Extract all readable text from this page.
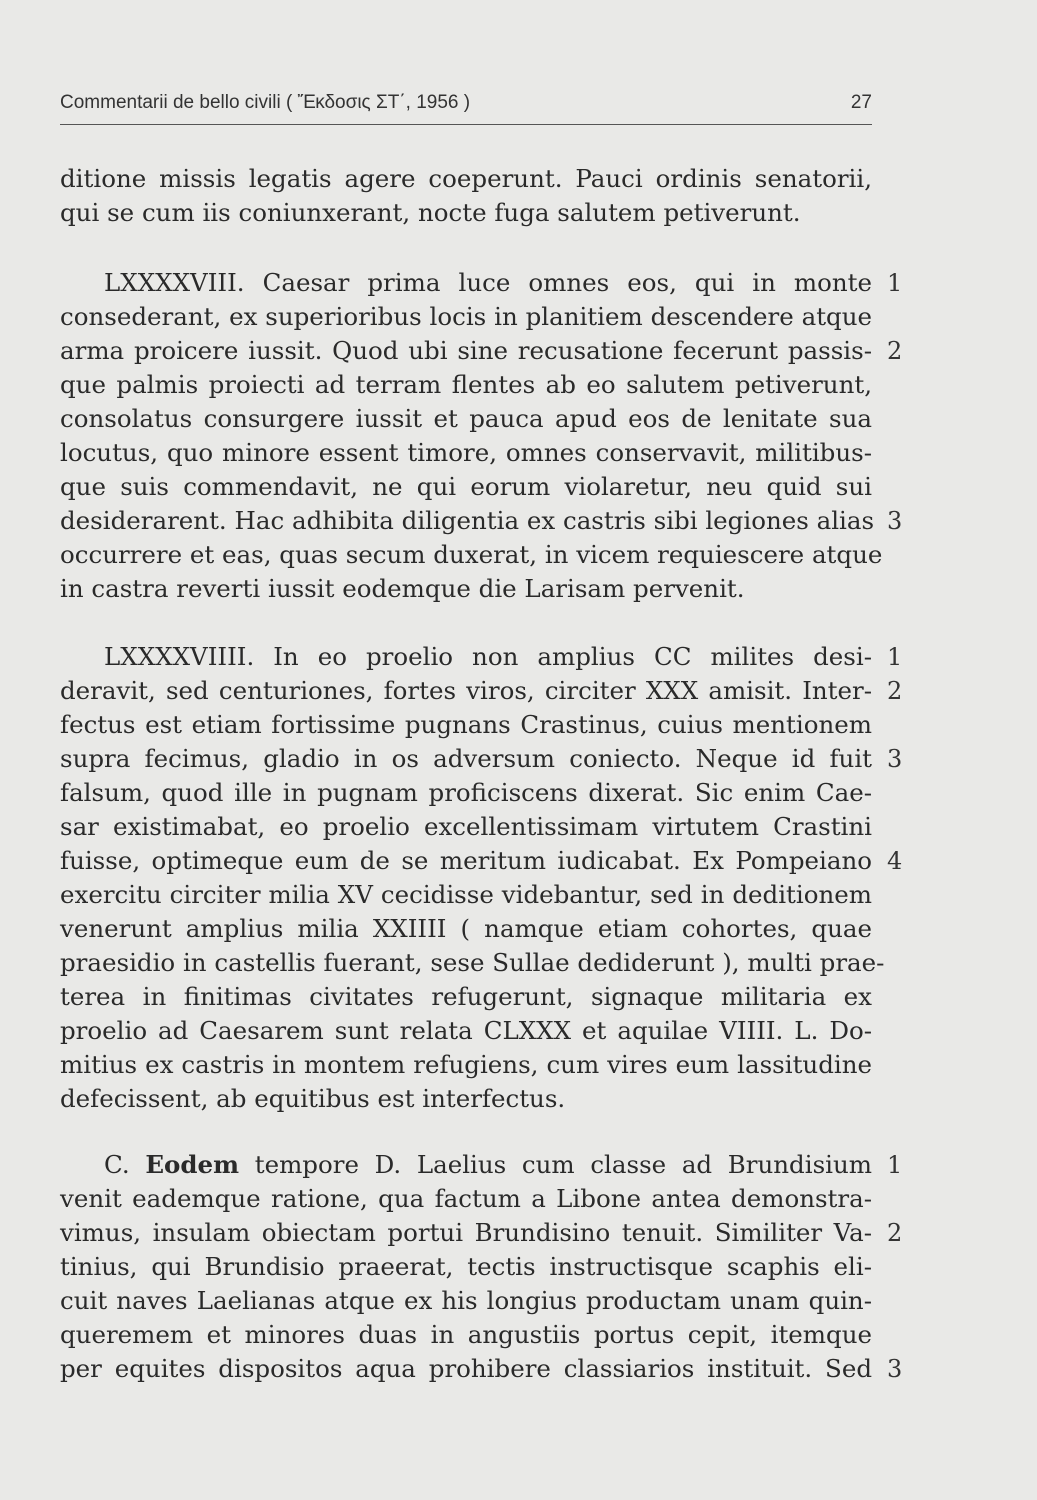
Commentarii de bello civili ( Ἔκδοσις ΣΤ΄, 1956 )	27
ditione missis legatis agere coeperunt. Pauci ordinis senatorii,
qui se cum iis coniunxerant, nocte fuga salutem petiverunt.
LXXXXVIII. Caesar prima luce omnes eos, qui in monte
consederant, ex superioribus locis in planitiem descendere atque
arma proicere iussit. Quod ubi sine recusatione fecerunt passis-
que palmis proiecti ad terram flentes ab eo salutem petiverunt,
consolatus consurgere iussit et pauca apud eos de lenitate sua
locutus, quo minore essent timore, omnes conservavit, militibus-
que suis commendavit, ne qui eorum violaretur, neu quid sui
desiderarent. Hac adhibita diligentia ex castris sibi legiones alias
occurrere et eas, quas secum duxerat, in vicem requiescere atque
in castra reverti iussit eodemque die Larisam pervenit.
LXXXXVIIII. In eo proelio non amplius CC milites desi-
deravit, sed centuriones, fortes viros, circiter XXX amisit. Inter-
fectus est etiam fortissime pugnans Crastinus, cuius mentionem
supra fecimus, gladio in os adversum coniecto. Neque id fuit
falsum, quod ille in pugnam proficiscens dixerat. Sic enim Cae-
sar existimabat, eo proelio excellentissimam virtutem Crastini
fuisse, optimeque eum de se meritum iudicabat. Ex Pompeiano
exercitu circiter milia XV cecidisse videbantur, sed in deditionem
venerunt amplius milia XXIIII ( namque etiam cohortes, quae
praesidio in castellis fuerant, sese Sullae dediderunt ), multi prae-
terea in finitimas civitates refugerunt, signaque militaria ex
proelio ad Caesarem sunt relata CLXXX et aquilae VIIII. L. Do-
mitius ex castris in montem refugiens, cum vires eum lassitudine
defecissent, ab equitibus est interfectus.
C. Eodem tempore D. Laelius cum classe ad Brundisium
venit eademque ratione, qua factum a Libone antea demonstra-
vimus, insulam obiectam portui Brundisino tenuit. Similiter Va-
tinius, qui Brundisio praeerat, tectis instructisque scaphis eli-
cuit naves Laelianas atque ex his longius productam unam quin-
queremem et minores duas in angustiis portus cepit, itemque
per equites dispositos aqua prohibere classiarios instituit. Sed
1
2
3
1
2
3
4
1
2
3
